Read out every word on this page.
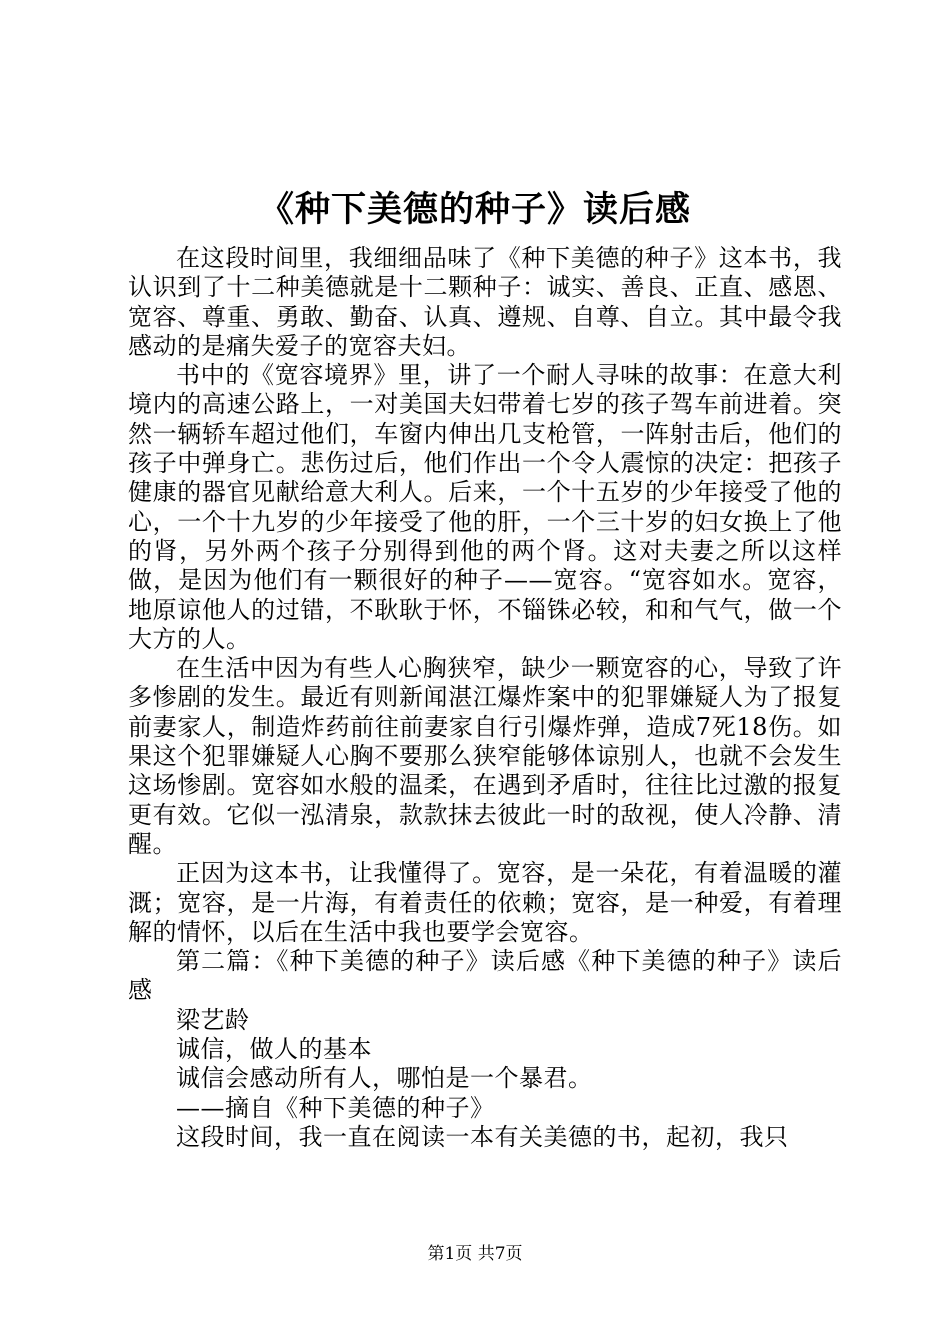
《种下美德的种子》读后感

在这段时间里，我细细品味了《种下美德的种子》这本书，我认识到了十二种美德就是十二颗种子：诚实、善良、正直、感恩、宽容、尊重、勇敢、勤奋、认真、遵规、自尊、自立。其中最令我感动的是痛失爱子的宽容夫妇。

书中的《宽容境界》里，讲了一个耐人寻味的故事：在意大利境内的高速公路上，一对美国夫妇带着七岁的孩子驾车前进着。突然一辆轿车超过他们，车窗内伸出几支枪管，一阵射击后，他们的孩子中弹身亡。悲伤过后，他们作出一个令人震惊的决定：把孩子健康的器官见献给意大利人。后来，一个十五岁的少年接受了他的心，一个十九岁的少年接受了他的肝，一个三十岁的妇女换上了他的肾，另外两个孩子分别得到他的两个肾。这对夫妻之所以这样做，是因为他们有一颗很好的种子——宽容。“宽容如水。宽容，地原谅他人的过错，不耿耿于怀，不锱铢必较，和和气气，做一个大方的人。

在生活中因为有些人心胸狭窄，缺少一颗宽容的心，导致了许多惨剧的发生。最近有则新闻湛江爆炸案中的犯罪嫌疑人为了报复前妻家人，制造炸药前往前妻家自行引爆炸弹，造成7死18伤。如果这个犯罪嫌疑人心胸不要那么狭窄能够体谅别人，也就不会发生这场惨剧。宽容如水般的温柔，在遇到矛盾时，往往比过激的报复更有效。它似一泓清泉，款款抹去彼此一时的敌视，使人冷静、清醒。

正因为这本书，让我懂得了。宽容，是一朵花，有着温暖的灌溉；宽容，是一片海，有着责任的依赖；宽容，是一种爱，有着理解的情怀，以后在生活中我也要学会宽容。

第二篇：《种下美德的种子》读后感《种下美德的种子》读后感

梁艺龄

诚信，做人的基本

诚信会感动所有人，哪怕是一个暴君。

——摘自《种下美德的种子》

这段时间，我一直在阅读一本有关美德的书，起初，我只

第1页 共7页
